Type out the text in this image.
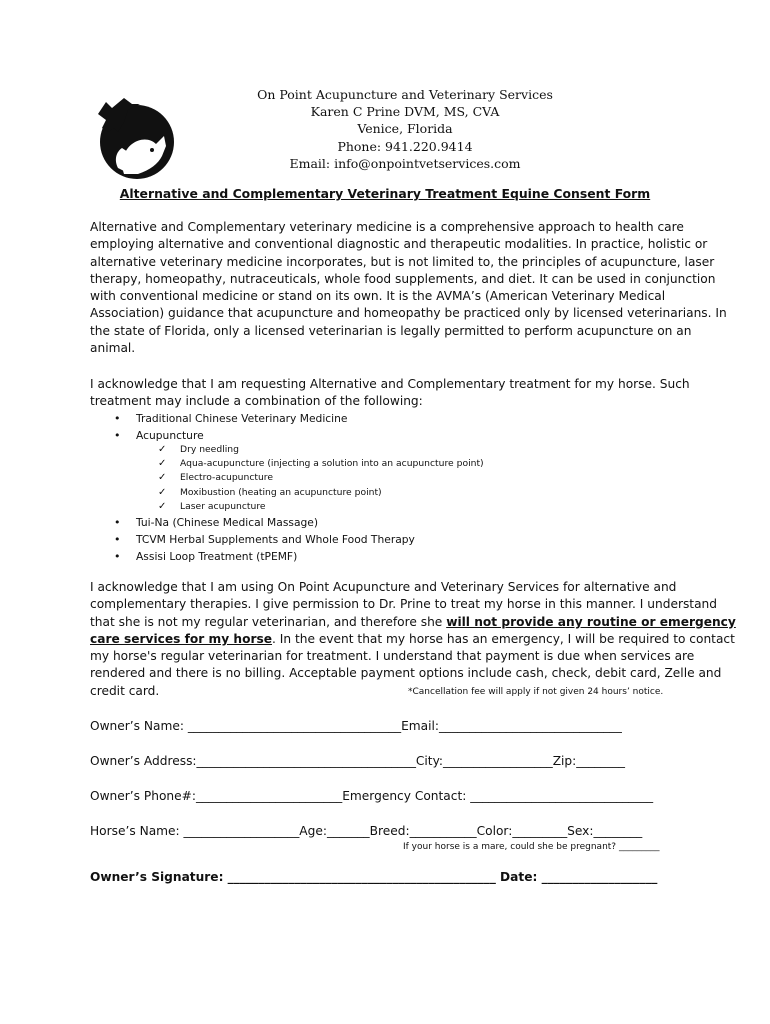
On Point Acupuncture and Veterinary Services
Karen C Prine DVM, MS, CVA
Venice, Florida
Phone: 941.220.9414
Email: info@onpointvetservices.com
Alternative and Complementary Veterinary Treatment Equine Consent Form
Alternative and Complementary veterinary medicine is a comprehensive approach to health care
employing alternative and conventional diagnostic and therapeutic modalities. In practice, holistic or
alternative veterinary medicine incorporates, but is not limited to, the principles of acupuncture, laser
therapy, homeopathy, nutraceuticals, whole food supplements, and diet. It can be used in conjunction
with conventional medicine or stand on its own. It is the AVMA’s (American Veterinary Medical
Association) guidance that acupuncture and homeopathy be practiced only by licensed veterinarians. In
the state of Florida, only a licensed veterinarian is legally permitted to perform acupuncture on an
animal.
I acknowledge that I am requesting Alternative and Complementary treatment for my horse. Such
treatment may include a combination of the following:
• Traditional Chinese Veterinary Medicine
• Acupuncture
✓ Dry needling
✓ Aqua-acupuncture (injecting a solution into an acupuncture point)
✓ Electro-acupuncture
✓ Moxibustion (heating an acupuncture point)
✓ Laser acupuncture
• Tui-Na (Chinese Medical Massage)
• TCVM Herbal Supplements and Whole Food Therapy
• Assisi Loop Treatment (tPEMF)
I acknowledge that I am using On Point Acupuncture and Veterinary Services for alternative and
complementary therapies. I give permission to Dr. Prine to treat my horse in this manner. I understand
that she is not my regular veterinarian, and therefore she will not provide any routine or emergency
care services for my horse. In the event that my horse has an emergency, I will be required to contact
my horse's regular veterinarian for treatment. I understand that payment is due when services are
rendered and there is no billing. Acceptable payment options include cash, check, debit card, Zelle and
credit card.	*Cancellation fee will apply if not given 24 hours’ notice.
Owner’s Name: ___________________________________Email:______________________________
Owner’s Address:____________________________________City:__________________Zip:________
Owner’s Phone#:________________________Emergency Contact: ______________________________
Horse’s Name: ___________________Age:_______Breed:___________Color:_________Sex:________
If your horse is a mare, could she be pregnant? _________
Owner’s Signature: ____________________________________________ Date: ___________________
